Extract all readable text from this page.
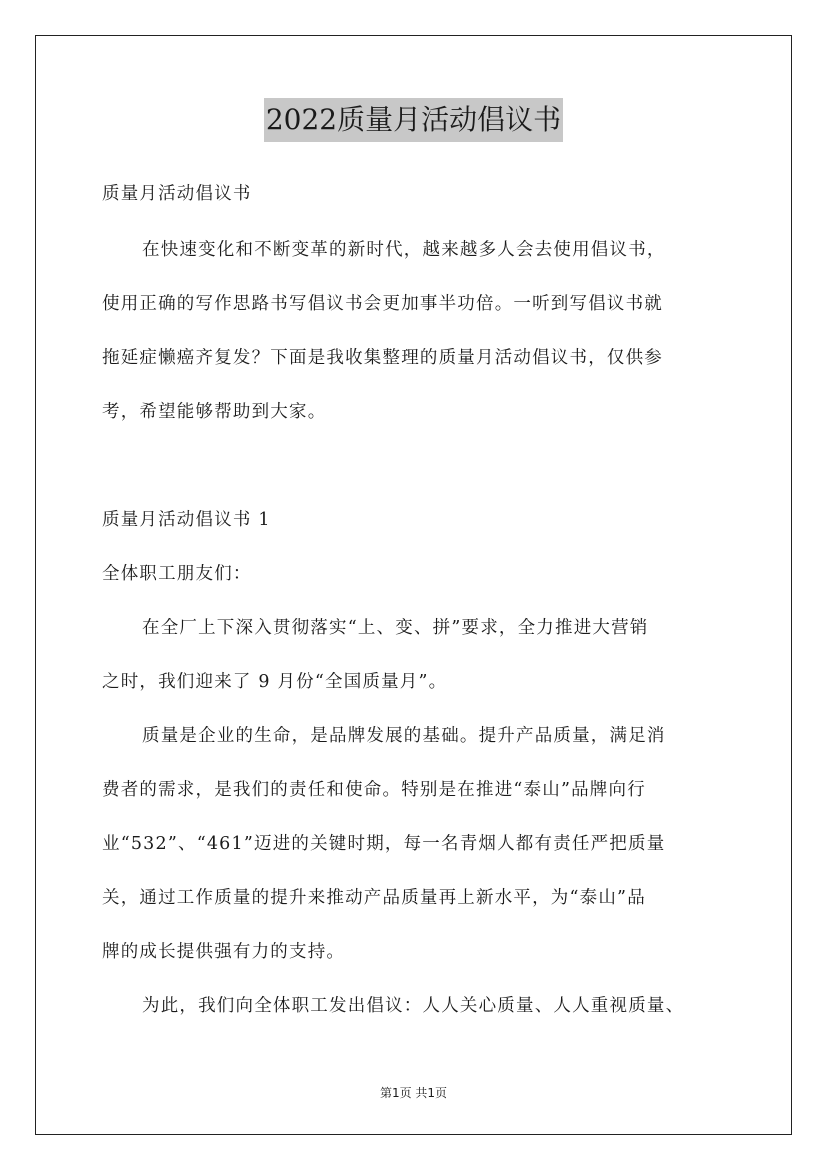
2022质量月活动倡议书
质量月活动倡议书
在快速变化和不断变革的新时代，越来越多人会去使用倡议书，
使用正确的写作思路书写倡议书会更加事半功倍。一听到写倡议书就
拖延症懒癌齐复发？下面是我收集整理的质量月活动倡议书，仅供参
考，希望能够帮助到大家。
质量月活动倡议书 1
全体职工朋友们：
在全厂上下深入贯彻落实“上、变、拼”要求，全力推进大营销
之时，我们迎来了 9 月份“全国质量月”。
质量是企业的生命，是品牌发展的基础。提升产品质量，满足消
费者的需求，是我们的责任和使命。特别是在推进“泰山”品牌向行
业“532”、“461”迈进的关键时期，每一名青烟人都有责任严把质量
关，通过工作质量的提升来推动产品质量再上新水平，为“泰山”品
牌的成长提供强有力的支持。
为此，我们向全体职工发出倡议：人人关心质量、人人重视质量、
第1页 共1页
